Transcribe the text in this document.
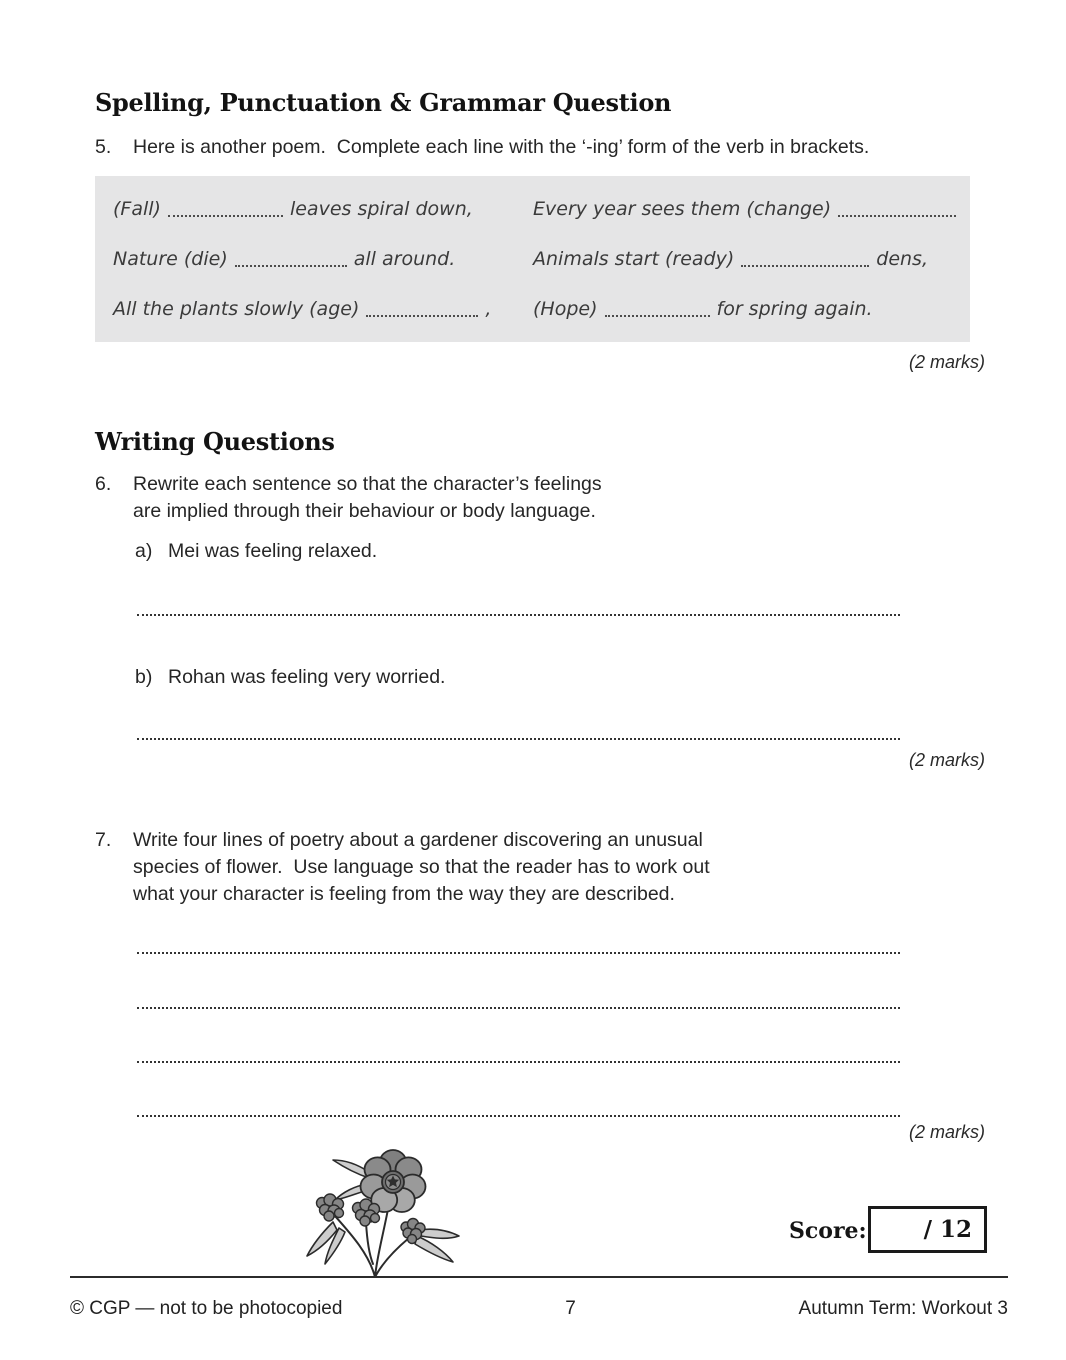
Spelling, Punctuation & Grammar Question
5.	Here is another poem.  Complete each line with the ‘-ing’ form of the verb in brackets.
(Fall)	leaves spiral down,
Nature (die)	all around.
All the plants slowly (age)	,
Every year sees them (change)
Animals start (ready)	dens,
(Hope)	for spring again.
(2 marks)
Writing Questions
6.	Rewrite each sentence so that the character’s feelings
are implied through their behaviour or body language.
a) Mei was feeling relaxed.
b) Rohan was feeling very worried.
(2 marks)
7.	Write four lines of poetry about a gardener discovering an unusual
species of flower.  Use language so that the reader has to work out
what your character is feeling from the way they are described.
(2 marks)
Score: / 12
© CGP — not to be photocopied	7	Autumn Term: Workout 3
